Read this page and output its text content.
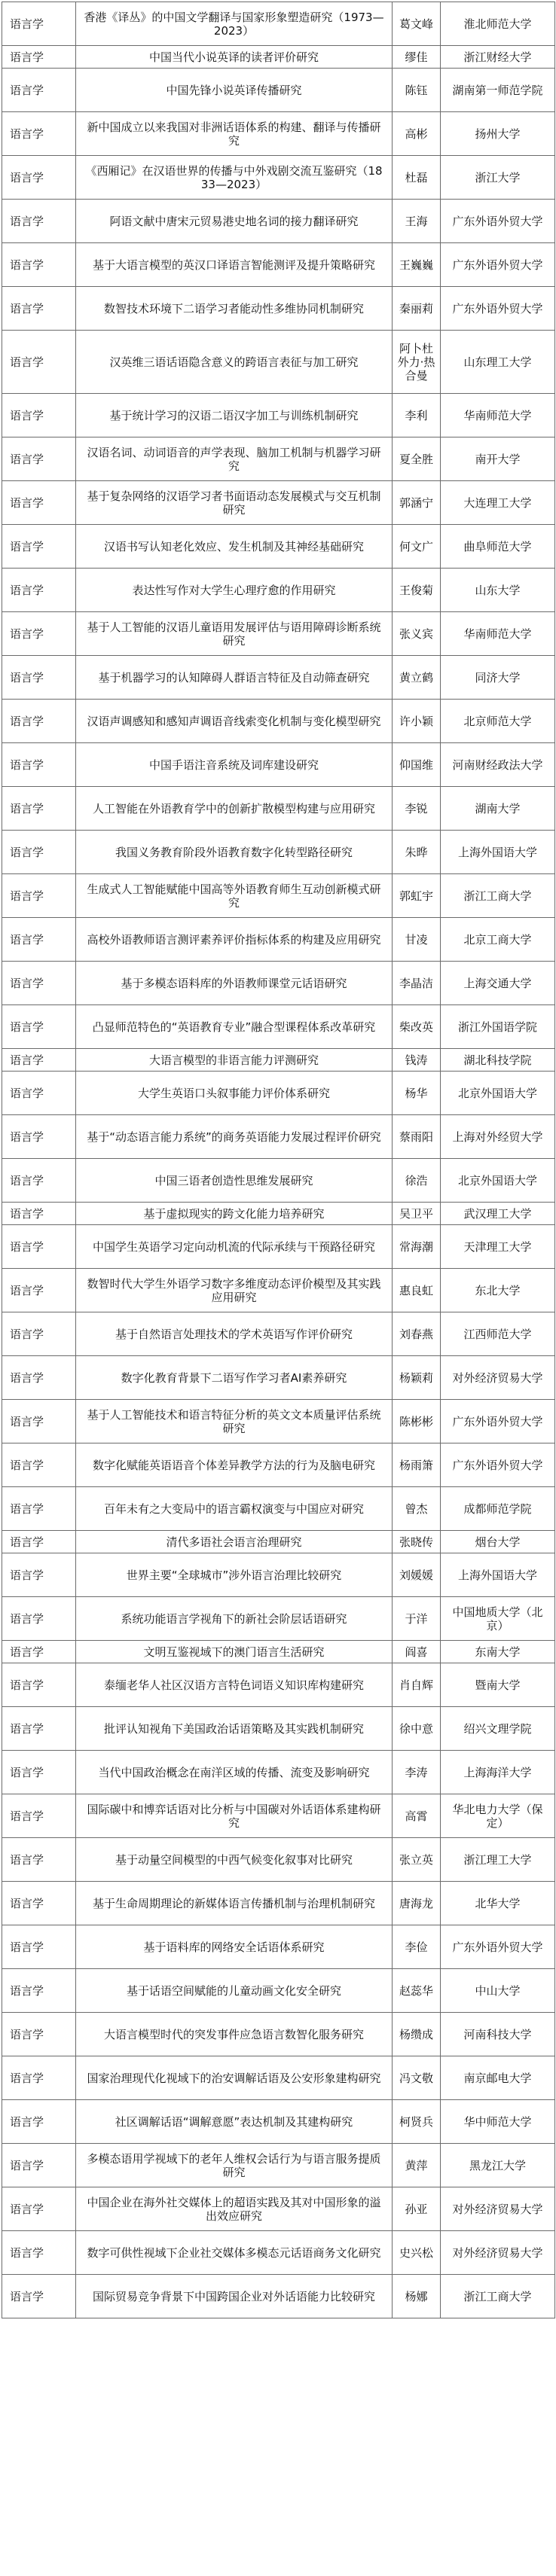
语言学	香港《译丛》的中国文学翻译与国家形象塑造研究（1973—2023）	葛文峰	淮北师范大学
语言学	中国当代小说英译的读者评价研究	缪佳	浙江财经大学
语言学	中国先锋小说英译传播研究	陈钰	湖南第一师范学院
语言学	新中国成立以来我国对非洲话语体系的构建、翻译与传播研究	高彬	扬州大学
语言学	《西厢记》在汉语世界的传播与中外戏剧交流互鉴研究（1833—2023）	杜磊	浙江大学
语言学	阿语文献中唐宋元贸易港史地名词的接力翻译研究	王海	广东外语外贸大学
语言学	基于大语言模型的英汉口译语言智能测评及提升策略研究	王巍巍	广东外语外贸大学
语言学	数智技术环境下二语学习者能动性多维协同机制研究	秦丽莉	广东外语外贸大学
语言学	汉英维三语话语隐含意义的跨语言表征与加工研究	阿卜杜外力·热合曼	山东理工大学
语言学	基于统计学习的汉语二语汉字加工与训练机制研究	李利	华南师范大学
语言学	汉语名词、动词语音的声学表现、脑加工机制与机器学习研究	夏全胜	南开大学
语言学	基于复杂网络的汉语学习者书面语动态发展模式与交互机制研究	郭涵宁	大连理工大学
语言学	汉语书写认知老化效应、发生机制及其神经基础研究	何文广	曲阜师范大学
语言学	表达性写作对大学生心理疗愈的作用研究	王俊菊	山东大学
语言学	基于人工智能的汉语儿童语用发展评估与语用障碍诊断系统研究	张义宾	华南师范大学
语言学	基于机器学习的认知障碍人群语言特征及自动筛查研究	黄立鹤	同济大学
语言学	汉语声调感知和感知声调语音线索变化机制与变化模型研究	许小颖	北京师范大学
语言学	中国手语注音系统及词库建设研究	仰国维	河南财经政法大学
语言学	人工智能在外语教育学中的创新扩散模型构建与应用研究	李锐	湖南大学
语言学	我国义务教育阶段外语教育数字化转型路径研究	朱晔	上海外国语大学
语言学	生成式人工智能赋能中国高等外语教育师生互动创新模式研究	郭虹宇	浙江工商大学
语言学	高校外语教师语言测评素养评价指标体系的构建及应用研究	甘凌	北京工商大学
语言学	基于多模态语料库的外语教师课堂元话语研究	李晶洁	上海交通大学
语言学	凸显师范特色的“英语教育专业”融合型课程体系改革研究	柴改英	浙江外国语学院
语言学	大语言模型的非语言能力评测研究	钱涛	湖北科技学院
语言学	大学生英语口头叙事能力评价体系研究	杨华	北京外国语大学
语言学	基于“动态语言能力系统”的商务英语能力发展过程评价研究	蔡雨阳	上海对外经贸大学
语言学	中国三语者创造性思维发展研究	徐浩	北京外国语大学
语言学	基于虚拟现实的跨文化能力培养研究	吴卫平	武汉理工大学
语言学	中国学生英语学习定向动机流的代际承续与干预路径研究	常海潮	天津理工大学
语言学	数智时代大学生外语学习数字多维度动态评价模型及其实践应用研究	惠良虹	东北大学
语言学	基于自然语言处理技术的学术英语写作评价研究	刘春燕	江西师范大学
语言学	数字化教育背景下二语写作学习者AI素养研究	杨颖莉	对外经济贸易大学
语言学	基于人工智能技术和语言特征分析的英文文本质量评估系统研究	陈彬彬	广东外语外贸大学
语言学	数字化赋能英语语音个体差异教学方法的行为及脑电研究	杨雨箫	广东外语外贸大学
语言学	百年未有之大变局中的语言霸权演变与中国应对研究	曾杰	成都师范学院
语言学	清代多语社会语言治理研究	张晓传	烟台大学
语言学	世界主要“全球城市”涉外语言治理比较研究	刘媛媛	上海外国语大学
语言学	系统功能语言学视角下的新社会阶层话语研究	于洋	中国地质大学（北京）
语言学	文明互鉴视域下的澳门语言生活研究	阎喜	东南大学
语言学	泰缅老华人社区汉语方言特色词语义知识库构建研究	肖自辉	暨南大学
语言学	批评认知视角下美国政治话语策略及其实践机制研究	徐中意	绍兴文理学院
语言学	当代中国政治概念在南洋区域的传播、流变及影响研究	李涛	上海海洋大学
语言学	国际碳中和博弈话语对比分析与中国碳对外话语体系建构研究	高霄	华北电力大学（保定）
语言学	基于动量空间模型的中西气候变化叙事对比研究	张立英	浙江理工大学
语言学	基于生命周期理论的新媒体语言传播机制与治理机制研究	唐海龙	北华大学
语言学	基于语料库的网络安全话语体系研究	李俭	广东外语外贸大学
语言学	基于话语空间赋能的儿童动画文化安全研究	赵蕊华	中山大学
语言学	大语言模型时代的突发事件应急语言数智化服务研究	杨缵成	河南科技大学
语言学	国家治理现代化视域下的治安调解话语及公安形象建构研究	冯文敬	南京邮电大学
语言学	社区调解话语“调解意愿”表达机制及其建构研究	柯贤兵	华中师范大学
语言学	多模态语用学视域下的老年人维权会话行为与语言服务提质研究	黄萍	黑龙江大学
语言学	中国企业在海外社交媒体上的超语实践及其对中国形象的溢出效应研究	孙亚	对外经济贸易大学
语言学	数字可供性视域下企业社交媒体多模态元话语商务文化研究	史兴松	对外经济贸易大学
语言学	国际贸易竞争背景下中国跨国企业对外话语能力比较研究	杨娜	浙江工商大学
